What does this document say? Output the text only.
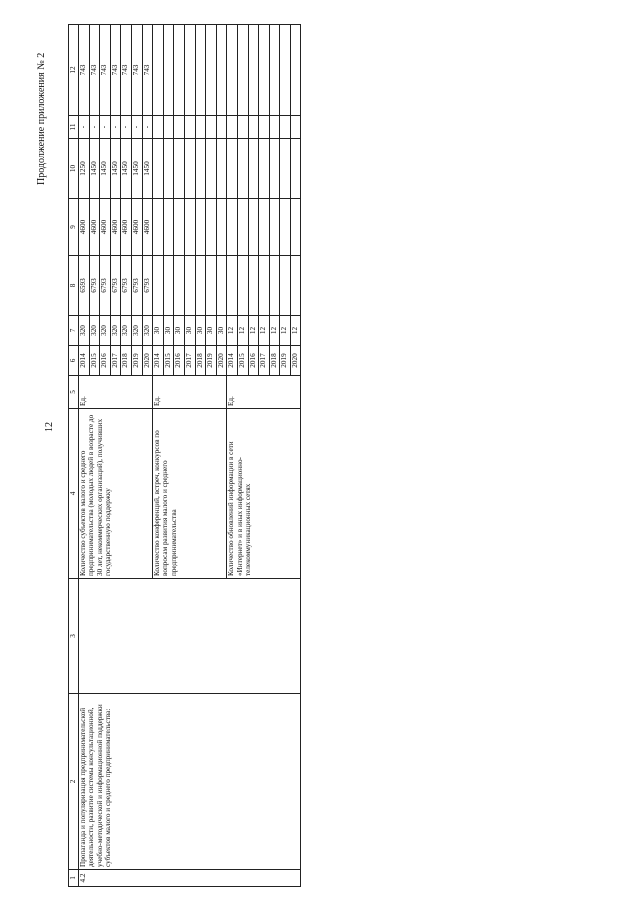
12
Продолжение приложения № 2
1	2	3	4	5	6	7	8	9	10	11	12
4.2	Пропаганда и популяризация предпринимательской деятельности, развитие системы консультационной, учебно-методической и информационной поддержки субъектов малого и среднего предпринимательства:		Количество субъектов малого и среднего предпринимательства (молодых людей в возрасте до 30 лет, некоммерческих организаций), получивших государственную поддержку	Ед.	2014	320	6593	4600	1250	-	743
					2015	320	6793	4600	1450	-	743
					2016	320	6793	4600	1450	-	743
					2017	320	6793	4600	1450	-	743
					2018	320	6793	4600	1450	-	743
					2019	320	6793	4600	1450	-	743
					2020	320	6793	4600	1450	-	743
			Количество конференций, встреч, конкурсов по вопросам развития малого и среднего предпринимательства	Ед.	2014	30					
					2015	30					
					2016	30					
					2017	30					
					2018	30					
					2019	30					
					2020	30					
			Количество обновлений информации в сети «Интернет» и в иных информационно-телекоммуникационных сетях	Ед.	2014	12					
					2015	12					
					2016	12					
					2017	12					
					2018	12					
					2019	12					
					2020	12					
